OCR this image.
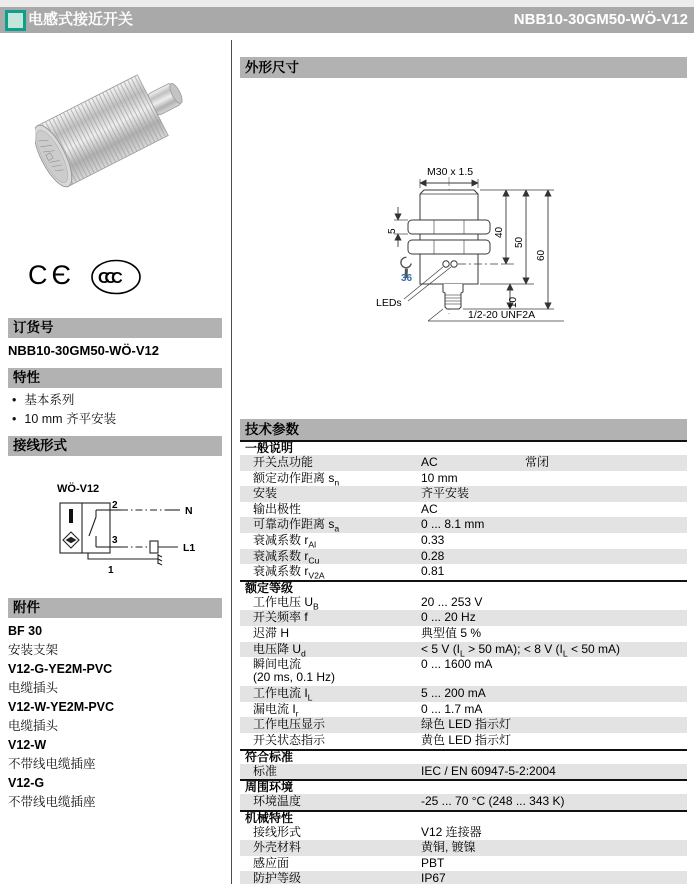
电感式接近开关	NBB10-30GM50-WÖ-V12
CЄ CCC
订货号
NBB10-30GM50-WÖ-V12
特性
• 基本系列
• 10 mm 齐平安装
接线形式
WÖ-V12
2
3
1
N
L1
附件
BF 30
安装支架
V12-G-YE2M-PVC
电缆插头
V12-W-YE2M-PVC
电缆插头
V12-W
不带线电缆插座
V12-G
不带线电缆插座
外形尺寸
M30 x 1.5
5	40
50
60
10
36
LEDs
1/2-20 UNF2A
技术参数
一般说明
开关点功能	AC	常闭
额定动作距离 $s_n$	10 mm
安装	齐平安装
输出极性	AC
可靠动作距离 $s_a$	0 ... 8.1 mm
衰减系数 $r_{Al}$	0.33
衰减系数 $r_{Cu}$	0.28
衰减系数 $r_{V2A}$	0.81
额定等级
工作电压 $U_B$	20 ... 253 V
开关频率 f	0 ... 20 Hz
迟滞 H	典型值 5 %
电压降 $U_d$	< 5 V ($I_L > 50$ mA); < 8 V ($I_L < 50$ mA)
瞬间电流
(20 ms, 0.1 Hz)
0 ... 1600 mA
工作电流 $I_L$	5 ... 200 mA
漏电流 $I_r$	0 ... 1.7 mA
工作电压显示	绿色 LED 指示灯
开关状态指示	黄色 LED 指示灯
符合标准
标准	IEC / EN 60947-5-2:2004
周围环境
环境温度	-25 ... 70 °C (248 ... 343 K)
机械特性
接线形式	V12 连接器
外壳材料	黄铜, 镀镍
感应面	PBT
防护等级	IP67
